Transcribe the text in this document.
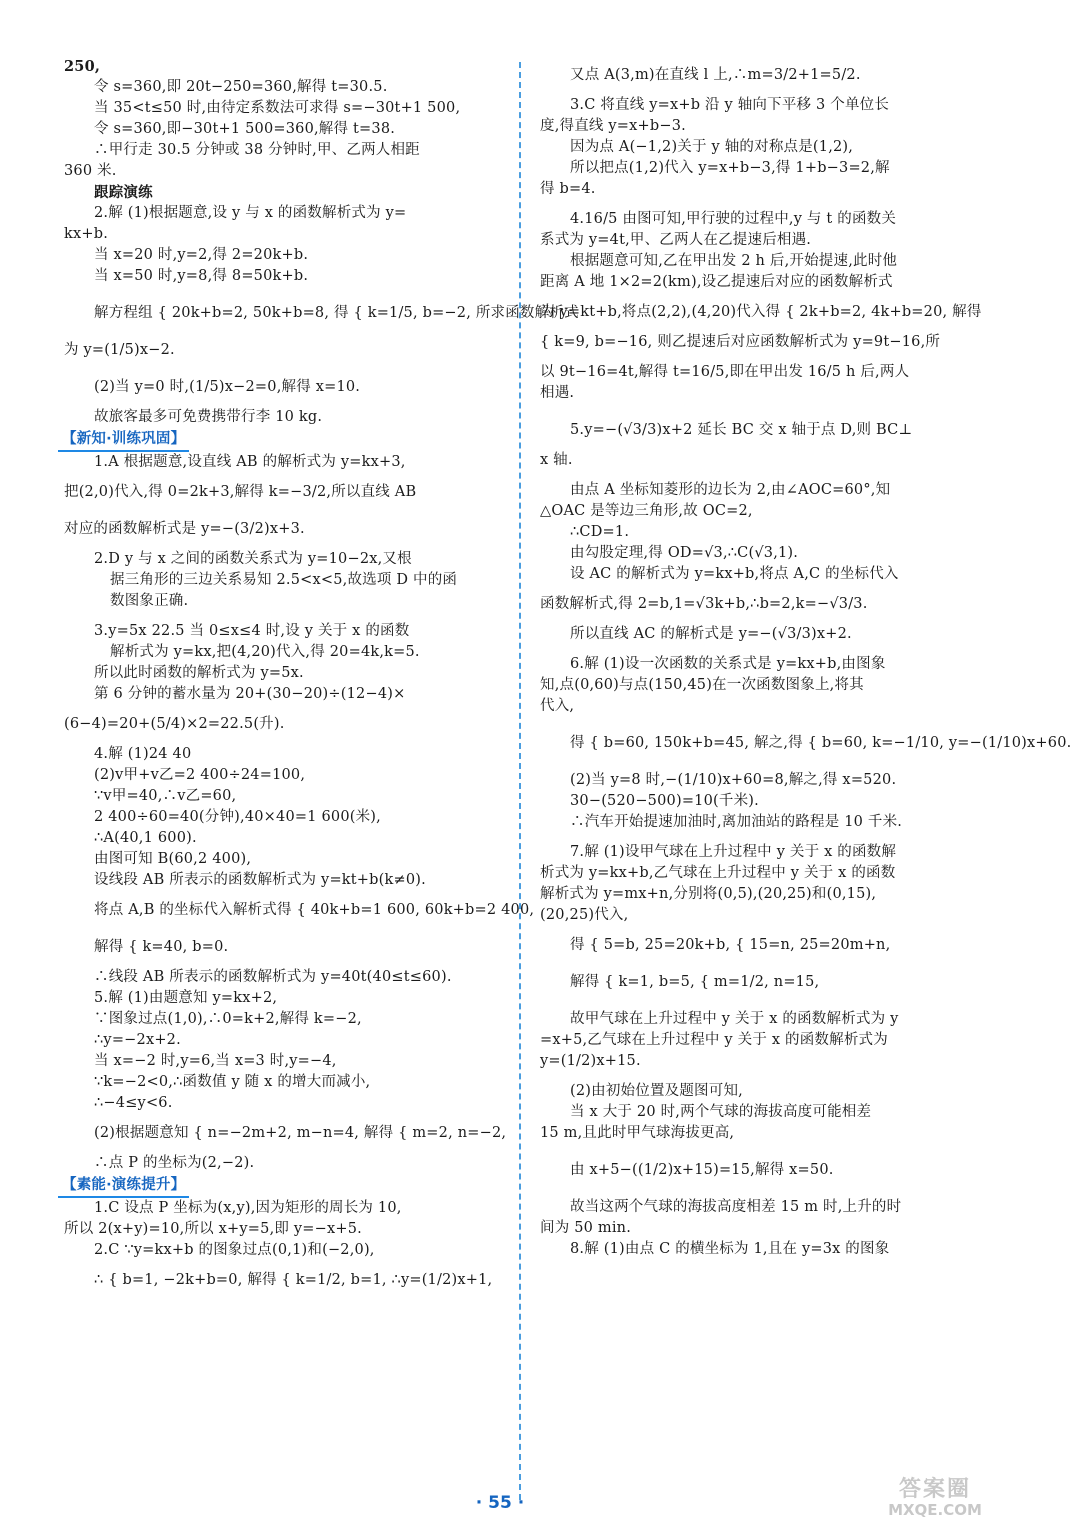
250,
令 s=360,即 20t−250=360,解得 t=30.5.
当 35<t≤50 时,由待定系数法可求得 s=−30t+1 500,
令 s=360,即−30t+1 500=360,解得 t=38.
∴甲行走 30.5 分钟或 38 分钟时,甲、乙两人相距
360 米.
跟踪演练
2.解 (1)根据题意,设 y 与 x 的函数解析式为 y=
kx+b.
当 x=20 时,y=2,得 2=20k+b.
当 x=50 时,y=8,得 8=50k+b.
解方程组 { 20k+b=2, 50k+b=8, 得 { k=1/5, b=−2, 所求函数解析式
为 y=(1/5)x−2.
(2)当 y=0 时,(1/5)x−2=0,解得 x=10.
故旅客最多可免费携带行李 10 kg.
【新知·训练巩固】
1.A 根据题意,设直线 AB 的解析式为 y=kx+3,
把(2,0)代入,得 0=2k+3,解得 k=−3/2,所以直线 AB
对应的函数解析式是 y=−(3/2)x+3.
2.D y 与 x 之间的函数关系式为 y=10−2x,又根
据三角形的三边关系易知 2.5<x<5,故选项 D 中的函
数图象正确.
3.y=5x 22.5 当 0≤x≤4 时,设 y 关于 x 的函数
解析式为 y=kx,把(4,20)代入,得 20=4k,k=5.
所以此时函数的解析式为 y=5x.
第 6 分钟的蓄水量为 20+(30−20)÷(12−4)×
(6−4)=20+(5/4)×2=22.5(升).
4.解 (1)24 40
(2)v甲+v乙=2 400÷24=100,
∵v甲=40,∴v乙=60,
2 400÷60=40(分钟),40×40=1 600(米),
∴A(40,1 600).
由图可知 B(60,2 400),
设线段 AB 所表示的函数解析式为 y=kt+b(k≠0).
将点 A,B 的坐标代入解析式得 { 40k+b=1 600, 60k+b=2 400,
解得 { k=40, b=0.
∴线段 AB 所表示的函数解析式为 y=40t(40≤t≤60).
5.解 (1)由题意知 y=kx+2,
∵图象过点(1,0),∴0=k+2,解得 k=−2,
∴y=−2x+2.
当 x=−2 时,y=6,当 x=3 时,y=−4,
∵k=−2<0,∴函数值 y 随 x 的增大而减小,
∴−4≤y<6.
(2)根据题意知 { n=−2m+2, m−n=4, 解得 { m=2, n=−2,
∴点 P 的坐标为(2,−2).
【素能·演练提升】
1.C 设点 P 坐标为(x,y),因为矩形的周长为 10,
所以 2(x+y)=10,所以 x+y=5,即 y=−x+5.
2.C ∵y=kx+b 的图象过点(0,1)和(−2,0),
∴ { b=1, −2k+b=0, 解得 { k=1/2, b=1, ∴y=(1/2)x+1,
又点 A(3,m)在直线 l 上,∴m=3/2+1=5/2.
3.C 将直线 y=x+b 沿 y 轴向下平移 3 个单位长
度,得直线 y=x+b−3.
因为点 A(−1,2)关于 y 轴的对称点是(1,2),
所以把点(1,2)代入 y=x+b−3,得 1+b−3=2,解
得 b=4.
4.16/5 由图可知,甲行驶的过程中,y 与 t 的函数关
系式为 y=4t,甲、乙两人在乙提速后相遇.
根据题意可知,乙在甲出发 2 h 后,开始提速,此时他
距离 A 地 1×2=2(km),设乙提速后对应的函数解析式
为 y=kt+b,将点(2,2),(4,20)代入得 { 2k+b=2, 4k+b=20, 解得
{ k=9, b=−16, 则乙提速后对应函数解析式为 y=9t−16,所
以 9t−16=4t,解得 t=16/5,即在甲出发 16/5 h 后,两人
相遇.
5.y=−(√3/3)x+2 延长 BC 交 x 轴于点 D,则 BC⊥
x 轴.
由点 A 坐标知菱形的边长为 2,由∠AOC=60°,知
△OAC 是等边三角形,故 OC=2,
∴CD=1.
由勾股定理,得 OD=√3,∴C(√3,1).
设 AC 的解析式为 y=kx+b,将点 A,C 的坐标代入
函数解析式,得 2=b,1=√3k+b,∴b=2,k=−√3/3.
所以直线 AC 的解析式是 y=−(√3/3)x+2.
6.解 (1)设一次函数的关系式是 y=kx+b,由图象
知,点(0,60)与点(150,45)在一次函数图象上,将其
代入,
得 { b=60, 150k+b=45, 解之,得 { b=60, k=−1/10, y=−(1/10)x+60.
(2)当 y=8 时,−(1/10)x+60=8,解之,得 x=520.
30−(520−500)=10(千米).
∴汽车开始提速加油时,离加油站的路程是 10 千米.
7.解 (1)设甲气球在上升过程中 y 关于 x 的函数解
析式为 y=kx+b,乙气球在上升过程中 y 关于 x 的函数
解析式为 y=mx+n,分别将(0,5),(20,25)和(0,15),
(20,25)代入,
得 { 5=b, 25=20k+b, { 15=n, 25=20m+n,
解得 { k=1, b=5, { m=1/2, n=15,
故甲气球在上升过程中 y 关于 x 的函数解析式为 y
=x+5,乙气球在上升过程中 y 关于 x 的函数解析式为
y=(1/2)x+15.
(2)由初始位置及题图可知,
当 x 大于 20 时,两个气球的海拔高度可能相差
15 m,且此时甲气球海拔更高,
由 x+5−((1/2)x+15)=15,解得 x=50.
故当这两个气球的海拔高度相差 15 m 时,上升的时
间为 50 min.
8.解 (1)由点 C 的横坐标为 1,且在 y=3x 的图象
· 55 ·
答案圈
MXQE.COM
